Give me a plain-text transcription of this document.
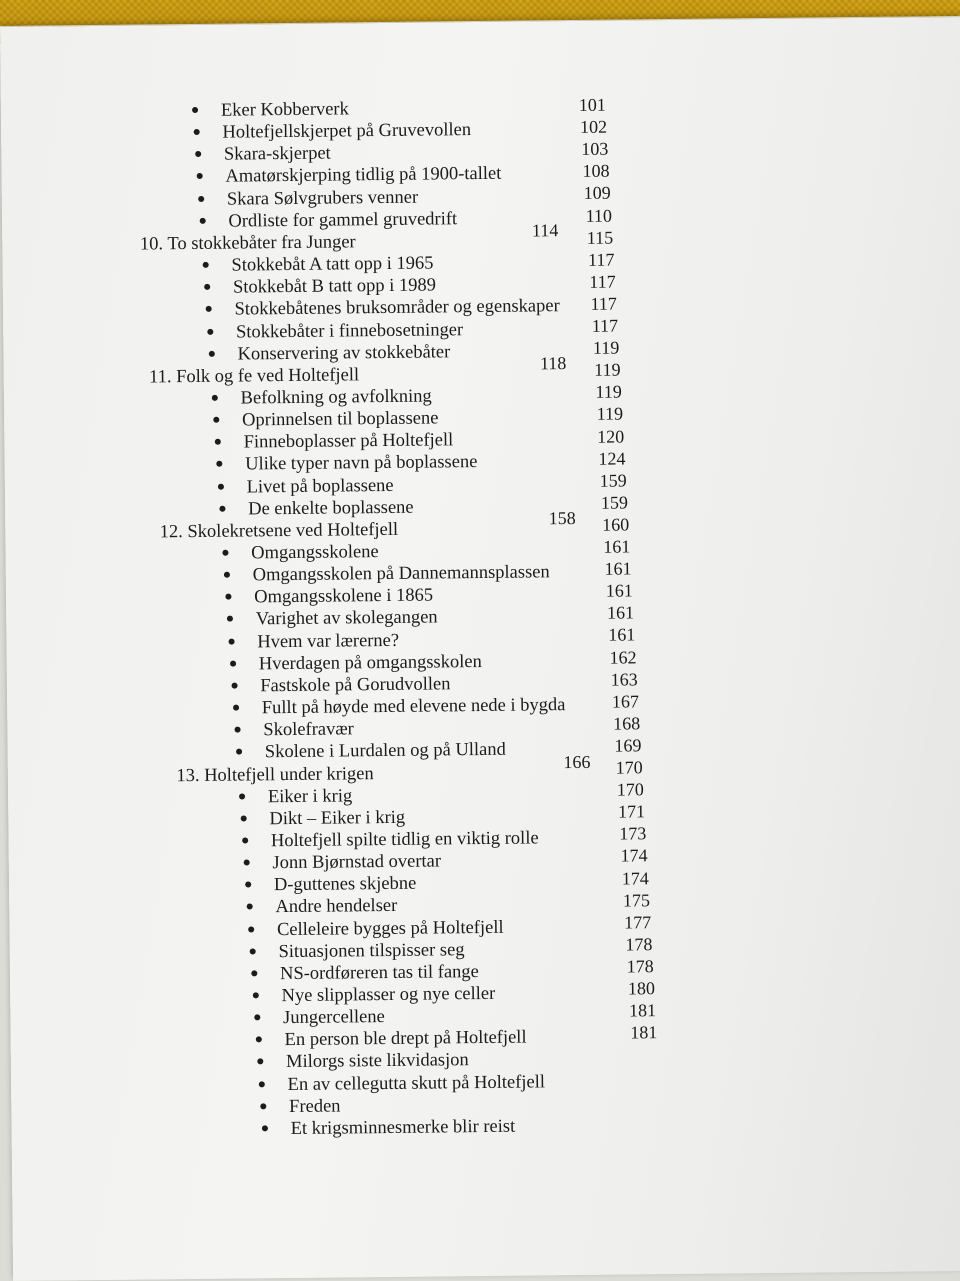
● Eker Kobberverk
● Holtefjellskjerpet på Gruvevollen
● Skara-skjerpet
● Amatørskjerping tidlig på 1900-tallet
● Skara Sølvgrubers venner
● Ordliste for gammel gruvedrift
10. To stokkebåter fra Junger
● Stokkebåt A tatt opp i 1965
● Stokkebåt B tatt opp i 1989
● Stokkebåtenes bruksområder og egenskaper
● Stokkebåter i finnebosetninger
● Konservering av stokkebåter
11. Folk og fe ved Holtefjell
● Befolkning og avfolkning
● Oprinnelsen til boplassene
● Finneboplasser på Holtefjell
● Ulike typer navn på boplassene
● Livet på boplassene
● De enkelte boplassene
12. Skolekretsene ved Holtefjell
● Omgangsskolene
● Omgangsskolen på Dannemannsplassen
● Omgangsskolene i 1865
● Varighet av skolegangen
● Hvem var lærerne?
● Hverdagen på omgangsskolen
● Fastskole på Gorudvollen
● Fullt på høyde med elevene nede i bygda
● Skolefravær
● Skolene i Lurdalen og på Ulland
13. Holtefjell under krigen
● Eiker i krig
● Dikt – Eiker i krig
● Holtefjell spilte tidlig en viktig rolle
● Jonn Bjørnstad overtar
● D-guttenes skjebne
● Andre hendelser
● Celleleire bygges på Holtefjell
● Situasjonen tilspisser seg
● NS-ordføreren tas til fange
● Nye slipplasser og nye celler
● Jungercellene
● En person ble drept på Holtefjell
● Milorgs siste likvidasjon
● En av cellegutta skutt på Holtefjell
● Freden
● Et krigsminnesmerke blir reist
101
102
103
108
109
110
115
117
117
117
117
119
119
119
119
120
124
159
159
160
161
161
161
161
161
162
163
167
168
169
170
170
171
173
174
174
175
177
178
178
180
181
181
114
118
158
166
